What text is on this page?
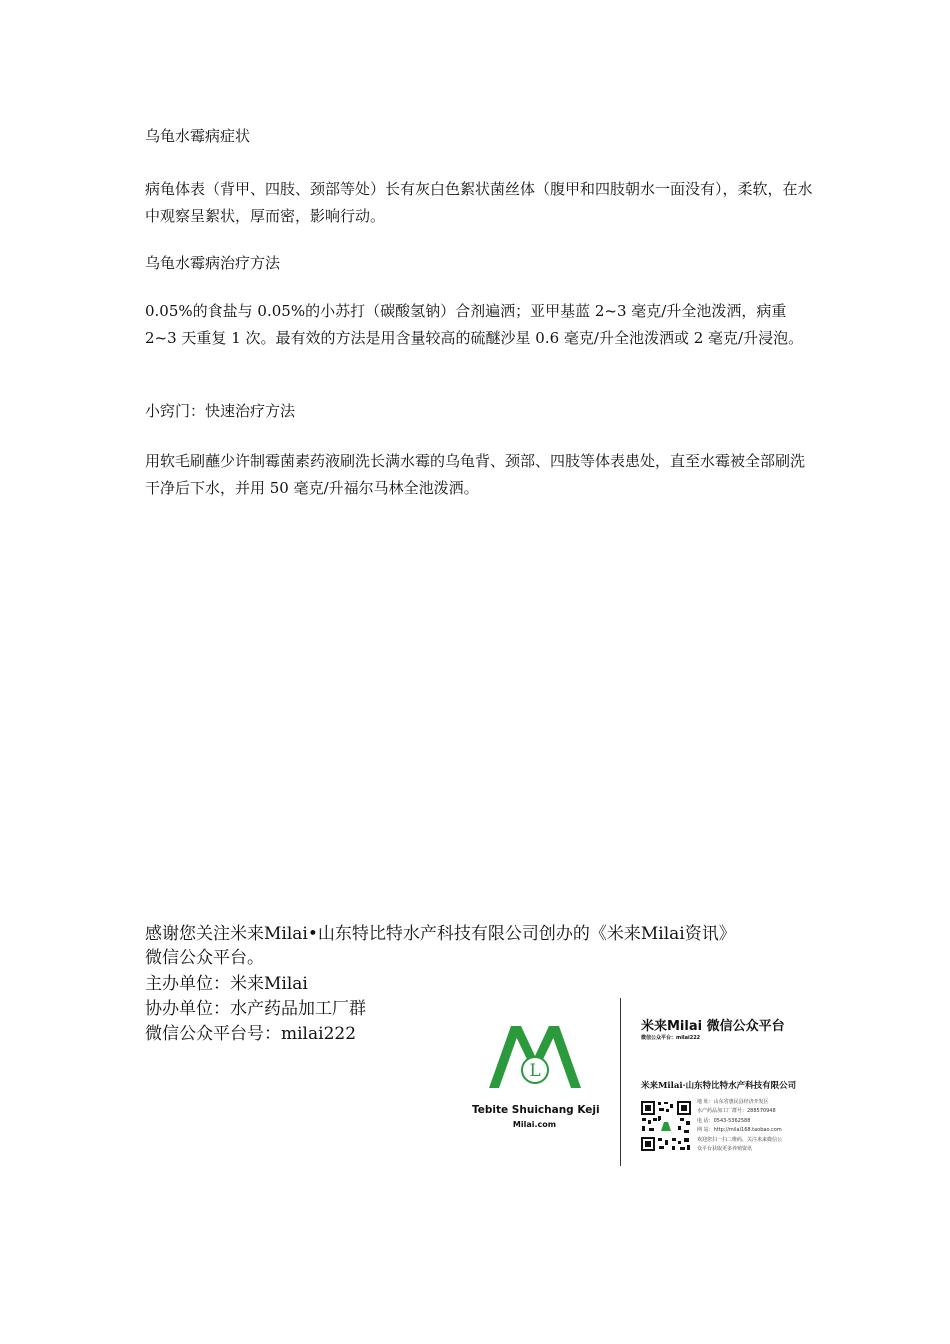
乌龟水霉病症状

病龟体表（背甲、四肢、颈部等处）长有灰白色絮状菌丝体（腹甲和四肢朝水一面没有），柔软，在水中观察呈絮状，厚而密，影响行动。

乌龟水霉病治疗方法

0.05%的食盐与 0.05%的小苏打（碳酸氢钠）合剂遍洒；亚甲基蓝 2~3 毫克/升全池泼洒，病重 2~3 天重复 1 次。最有效的方法是用含量较高的硫醚沙星 0.6 毫克/升全池泼洒或 2 毫克/升浸泡。

小窍门：快速治疗方法

用软毛刷蘸少许制霉菌素药液刷洗长满水霉的乌龟背、颈部、四肢等体表患处，直至水霉被全部刷洗干净后下水，并用 50 毫克/升福尔马林全池泼洒。

感谢您关注米来Milai•山东特比特水产科技有限公司创办的《米来Milai资讯》

微信公众平台。

主办单位：米来Milai

协办单位：水产药品加工厂群

微信公众平台号：milai222

L
Tebite Shuichang Keji
Milai.com
米来Milai 微信公众平台
微信公众平台：milai222
米来Milai·山东特比特水产科技有限公司
地 址：山东省惠民县经济开发区
水产药品加工厂群号：288570948
电 话：0543-5362588
网 站：http://milai168.taobao.com
欢迎您扫一扫二维码，关注米来微信公
众平台获取更多养殖资讯
